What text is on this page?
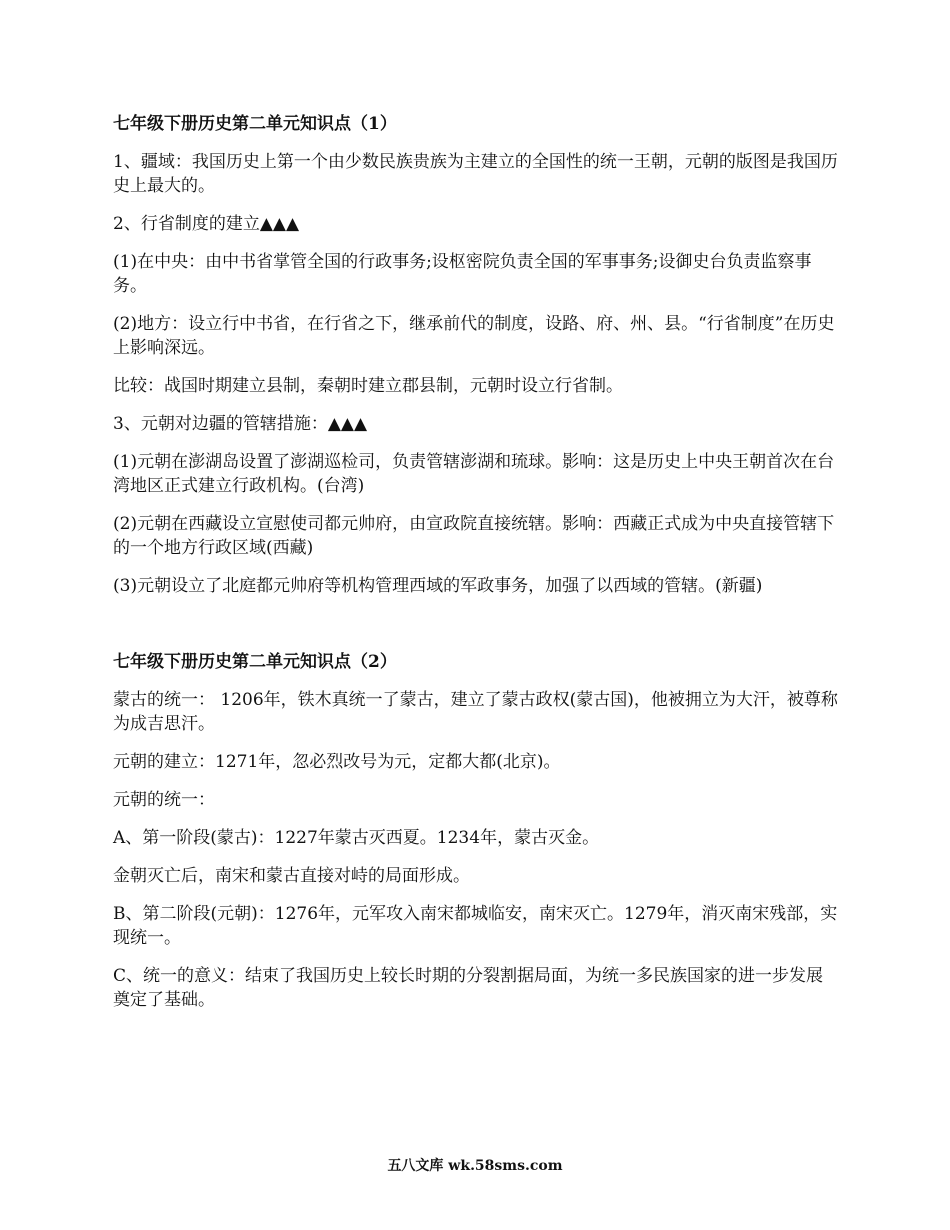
七年级下册历史第二单元知识点（1）
1、疆域：我国历史上第一个由少数民族贵族为主建立的全国性的统一王朝，元朝的版图是我国历史上最大的。
2、行省制度的建立▲▲▲
(1)在中央：由中书省掌管全国的行政事务;设枢密院负责全国的军事事务;设御史台负责监察事务。
(2)地方：设立行中书省，在行省之下，继承前代的制度，设路、府、州、县。“行省制度”在历史上影响深远。
比较：战国时期建立县制，秦朝时建立郡县制，元朝时设立行省制。
3、元朝对边疆的管辖措施：▲▲▲
(1)元朝在澎湖岛设置了澎湖巡检司，负责管辖澎湖和琉球。影响：这是历史上中央王朝首次在台湾地区正式建立行政机构。(台湾)
(2)元朝在西藏设立宣慰使司都元帅府，由宣政院直接统辖。影响：西藏正式成为中央直接管辖下的一个地方行政区域(西藏)
(3)元朝设立了北庭都元帅府等机构管理西域的军政事务，加强了以西域的管辖。(新疆)
七年级下册历史第二单元知识点（2）
蒙古的统一： 1206年，铁木真统一了蒙古，建立了蒙古政权(蒙古国)，他被拥立为大汗，被尊称为成吉思汗。
元朝的建立：1271年，忽必烈改号为元，定都大都(北京)。
元朝的统一：
A、第一阶段(蒙古)：1227年蒙古灭西夏。1234年，蒙古灭金。
金朝灭亡后，南宋和蒙古直接对峙的局面形成。
B、第二阶段(元朝)：1276年，元军攻入南宋都城临安，南宋灭亡。1279年，消灭南宋残部，实现统一。
C、统一的意义：结束了我国历史上较长时期的分裂割据局面，为统一多民族国家的进一步发展奠定了基础。
五八文库 wk.58sms.com
